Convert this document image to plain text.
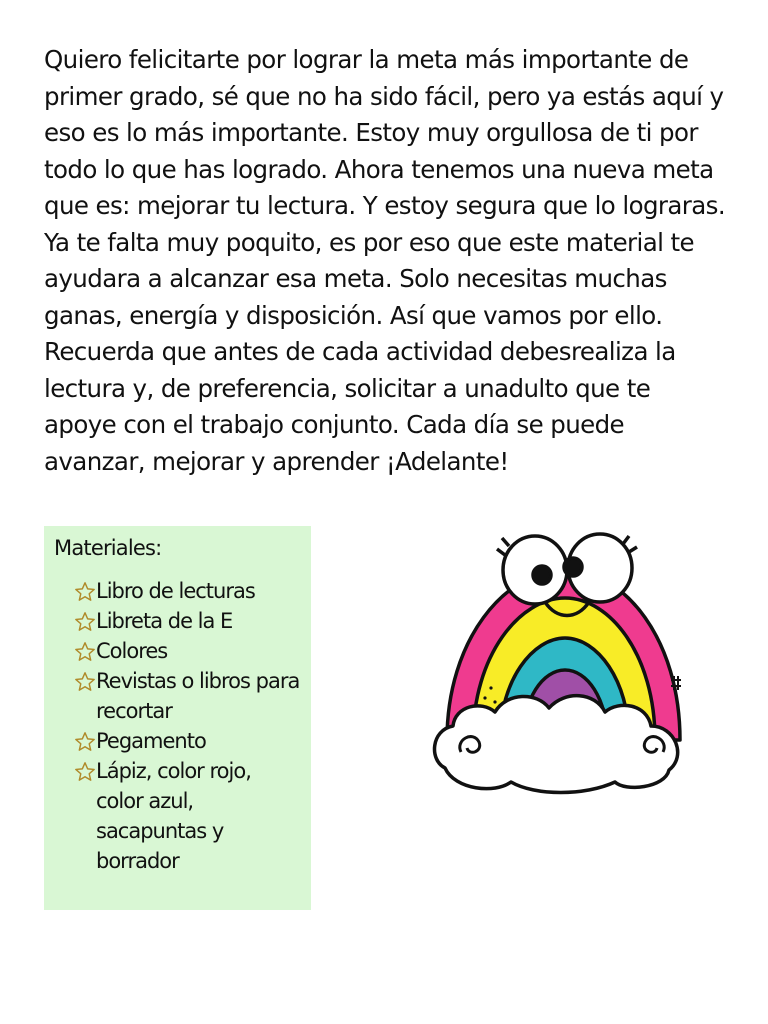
Quiero felicitarte por lograr la meta más importante de primer grado, sé que no ha sido fácil, pero ya estás aquí y eso es lo más importante. Estoy muy orgullosa de ti por todo lo que has logrado. Ahora tenemos una nueva meta que es: mejorar tu lectura. Y estoy segura que lo lograras. Ya te falta muy poquito, es por eso que este material te ayudara a alcanzar esa meta. Solo necesitas muchas ganas, energía y disposición. Así que vamos por ello. Recuerda que antes de cada actividad debesrealiza la lectura y, de preferencia, solicitar a unadulto que te apoye con el trabajo conjunto. Cada día se puede avanzar, mejorar y aprender ¡Adelante!
Materiales:
Libro de lecturas
Libreta de la E
Colores
Revistas o libros para recortar
Pegamento
Lápiz, color rojo, color azul, sacapuntas y borrador
